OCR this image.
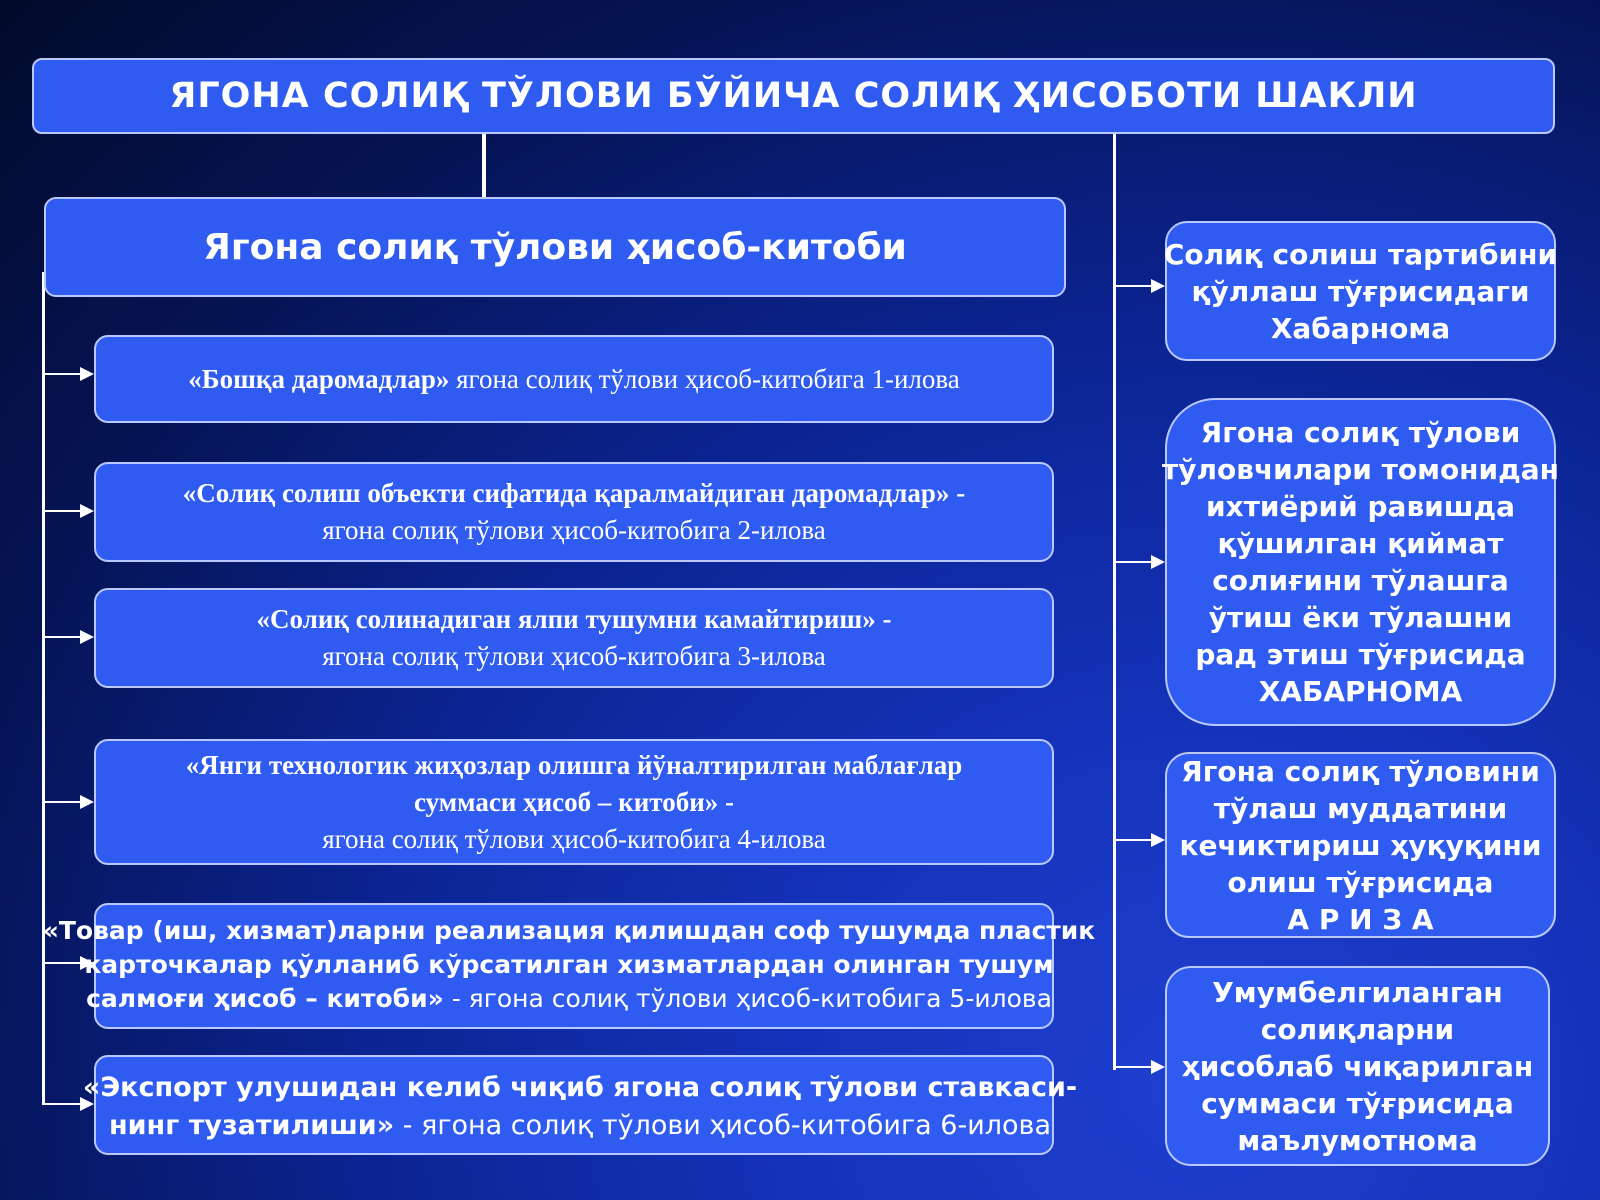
ЯГОНА СОЛИҚ ТЎЛОВИ БЎЙИЧА СОЛИҚ ҲИСОБОТИ ШАКЛИ
Ягона солиқ тўлови ҳисоб-китоби
«Бошқа даромадлар» ягона солиқ тўлови ҳисоб-китобига 1-илова
«Солиқ солиш объекти сифатида қаралмайдиган даромадлар» -
ягона солиқ тўлови ҳисоб-китобига 2-илова
«Солиқ солинадиган ялпи тушумни камайтириш» -
ягона солиқ тўлови ҳисоб-китобига 3-илова
«Янги технологик жиҳозлар олишга йўналтирилган маблағлар
суммаси ҳисоб – китоби» -
ягона солиқ тўлови ҳисоб-китобига 4-илова
«Товар (иш, хизмат)ларни реализация қилишдан соф тушумда пластик
карточкалар қўлланиб кўрсатилган хизматлардан олинган тушум
салмоғи ҳисоб – китоби» - ягона солиқ тўлови ҳисоб-китобига 5-илова
«Экспорт улушидан келиб чиқиб ягона солиқ тўлови ставкаси-
нинг тузатилиши» - ягона солиқ тўлови ҳисоб-китобига 6-илова
Солиқ солиш тартибини
қўллаш тўғрисидаги
Хабарнома
Ягона солиқ тўлови
тўловчилари томонидан
ихтиёрий равишда
қўшилган қиймат
солиғини тўлашга
ўтиш ёки тўлашни
рад этиш тўғрисида
ХАБАРНОМА
Ягона солиқ тўловини
тўлаш муддатини
кечиктириш ҳуқуқини
олиш тўғрисида
А Р И З А
Умумбелгиланган
солиқларни
ҳисоблаб чиқарилган
суммаси тўғрисида
маълумотнома
